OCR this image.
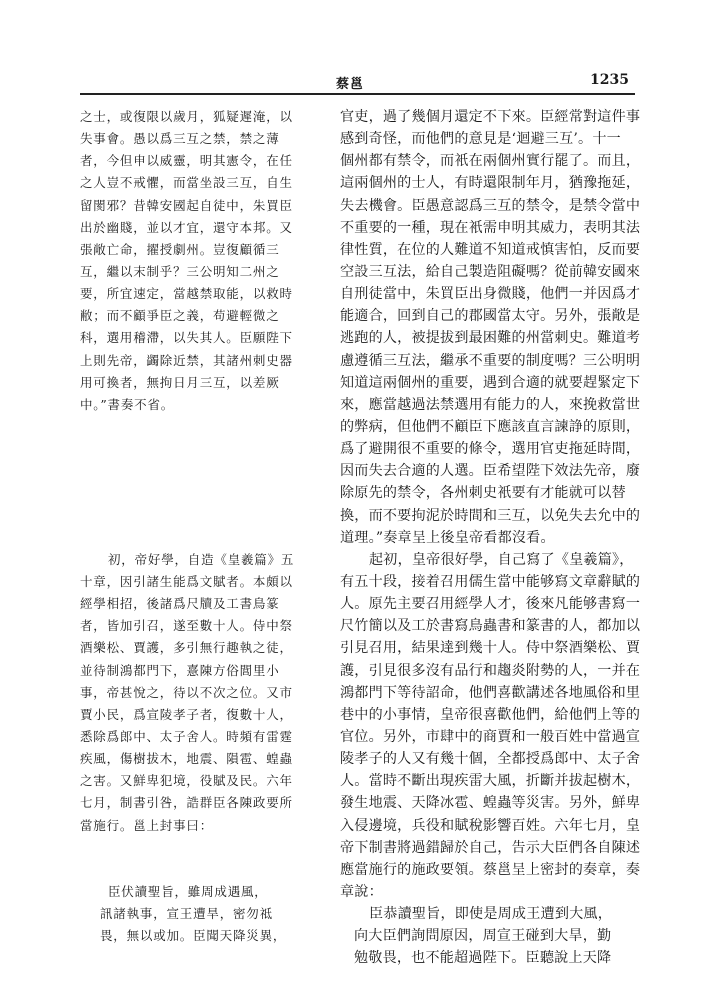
蔡邕	1235
之士，或復限以歲月，狐疑遲淹，以
失事會。愚以爲三互之禁，禁之薄
者，今但申以威靈，明其憲令，在任
之人豈不戒懼，而當坐設三互，自生
留閡邪？昔韓安國起自徒中，朱買臣
出於幽賤，並以才宜，還守本邦。又
張敞亡命，擢授劇州。豈復顧循三
互，繼以末制乎？三公明知二州之
要，所宜速定，當越禁取能，以救時
敝；而不顧爭臣之義，苟避輕微之
科，選用稽滯，以失其人。臣願陛下
上則先帝，蠲除近禁，其諸州刺史器
用可換者，無拘日月三互，以差厥
中。”書奏不省。
初，帝好學，自造《皇羲篇》五
十章，因引諸生能爲文賦者。本頗以
經學相招，後諸爲尺牘及工書鳥篆
者，皆加引召，遂至數十人。侍中祭
酒樂松、賈護，多引無行趣執之徒，
並待制鴻都門下，憙陳方俗閭里小
事，帝甚悅之，待以不次之位。又市
賈小民，爲宣陵孝子者，復數十人，
悉除爲郎中、太子舍人。時頻有雷霆
疾風，傷樹拔木，地震、隕雹、蝗蟲
之害。又鮮卑犯境，役賦及民。六年
七月，制書引咎，誥群臣各陳政要所
當施行。邕上封事曰：
臣伏讀聖旨，雖周成遇風，
訊諸執事，宣王遭旱，密勿祗
畏，無以或加。臣聞天降災異，
官吏，過了幾個月還定不下來。臣經常對這件事
感到奇怪，而他們的意見是‘迴避三互’。十一
個州都有禁令，而衹在兩個州實行罷了。而且，
這兩個州的士人，有時還限制年月，猶豫拖延，
失去機會。臣愚意認爲三互的禁令，是禁令當中
不重要的一種，現在衹需申明其威力，表明其法
律性質，在位的人難道不知道戒慎害怕，反而要
空設三互法，給自己製造阻礙嗎？從前韓安國來
自刑徒當中，朱買臣出身微賤，他們一并因爲才
能適合，回到自己的郡國當太守。另外，張敞是
逃跑的人，被提拔到最困難的州當刺史。難道考
慮遵循三互法，繼承不重要的制度嗎？三公明明
知道這兩個州的重要，遇到合適的就要趕緊定下
來，應當越過法禁選用有能力的人，來挽救當世
的弊病，但他們不顧臣下應該直言諫諍的原則，
爲了避開很不重要的條令，選用官吏拖延時間，
因而失去合適的人選。臣希望陛下效法先帝，廢
除原先的禁令，各州刺史衹要有才能就可以替
換，而不要拘泥於時間和三互，以免失去允中的
道理。”奏章呈上後皇帝看都沒看。
起初，皇帝很好學，自己寫了《皇羲篇》，
有五十段，接着召用儒生當中能够寫文章辭賦的
人。原先主要召用經學人才，後來凡能够書寫一
尺竹簡以及工於書寫鳥蟲書和篆書的人，都加以
引見召用，結果達到幾十人。侍中祭酒樂松、賈
護，引見很多沒有品行和趨炎附勢的人，一并在
鴻都門下等待詔命，他們喜歡講述各地風俗和里
巷中的小事情，皇帝很喜歡他們，給他們上等的
官位。另外，市肆中的商賈和一般百姓中當過宣
陵孝子的人又有幾十個，全都授爲郎中、太子舍
人。當時不斷出現疾雷大風，折斷并拔起樹木，
發生地震、天降冰雹、蝗蟲等災害。另外，鮮卑
入侵邊境，兵役和賦稅影響百姓。六年七月，皇
帝下制書將過錯歸於自己，告示大臣們各自陳述
應當施行的施政要領。蔡邕呈上密封的奏章，奏
章說：
臣恭讀聖旨，即使是周成王遭到大風，
向大臣們詢問原因，周宣王碰到大旱，勤
勉敬畏，也不能超過陛下。臣聽說上天降
